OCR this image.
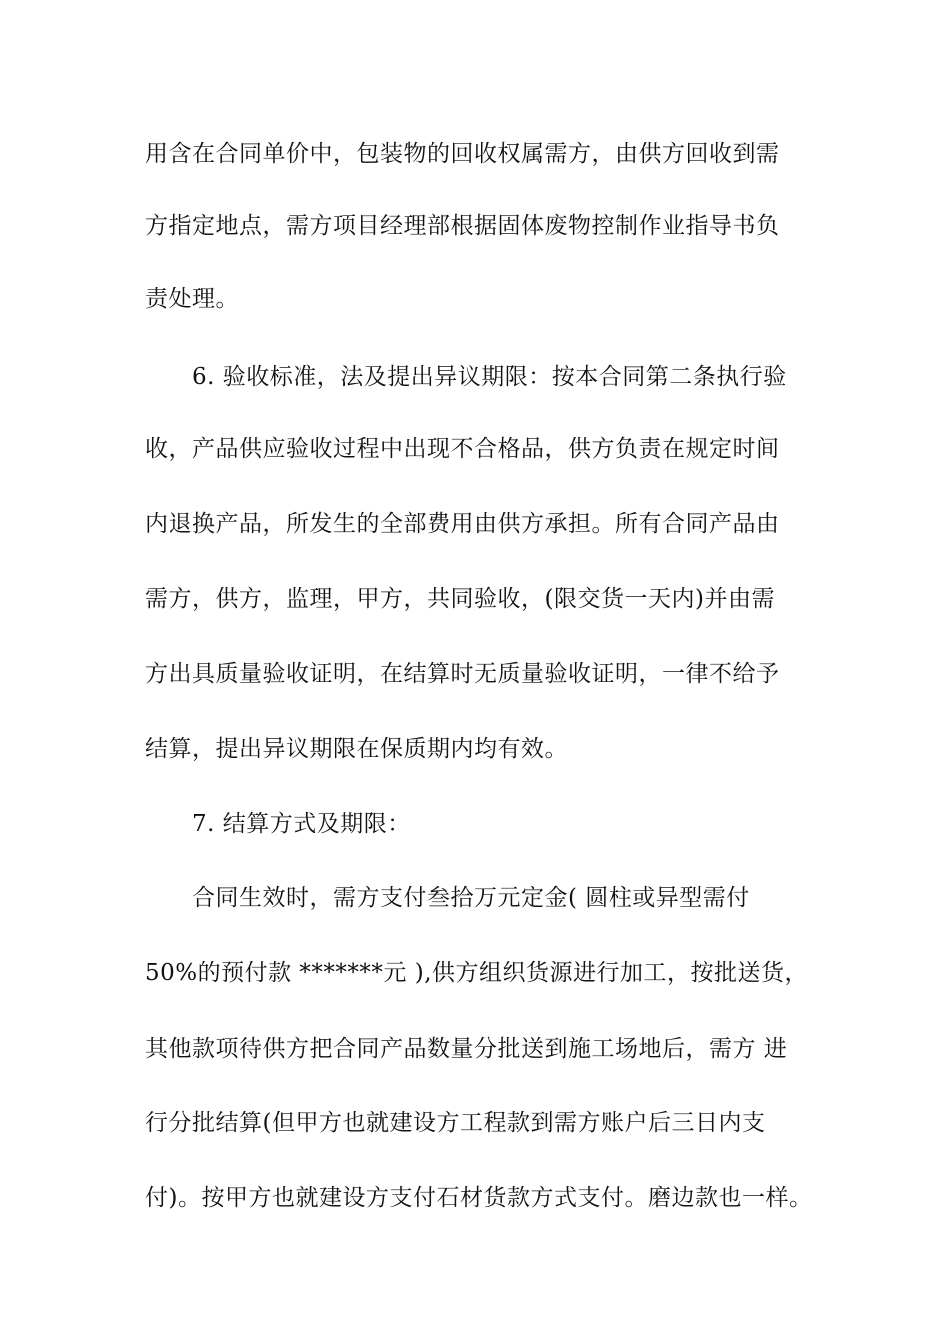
用含在合同单价中，包装物的回收权属需方，由供方回收到需
方指定地点，需方项目经理部根据固体废物控制作业指导书负
责处理。
6. 验收标准，法及提出异议期限：按本合同第二条执行验
收，产品供应验收过程中出现不合格品，供方负责在规定时间
内退换产品，所发生的全部费用由供方承担。所有合同产品由
需方，供方，监理，甲方，共同验收，(限交货一天内)并由需
方出具质量验收证明，在结算时无质量验收证明，一律不给予
结算，提出异议期限在保质期内均有效。
7. 结算方式及期限：
合同生效时，需方支付叁拾万元定金( 圆柱或异型需付
50%的预付款 *******元 ),供方组织货源进行加工，按批送货，
其他款项待供方把合同产品数量分批送到施工场地后，需方 进
行分批结算(但甲方也就建设方工程款到需方账户后三日内支
付)。按甲方也就建设方支付石材货款方式支付。磨边款也一样。
